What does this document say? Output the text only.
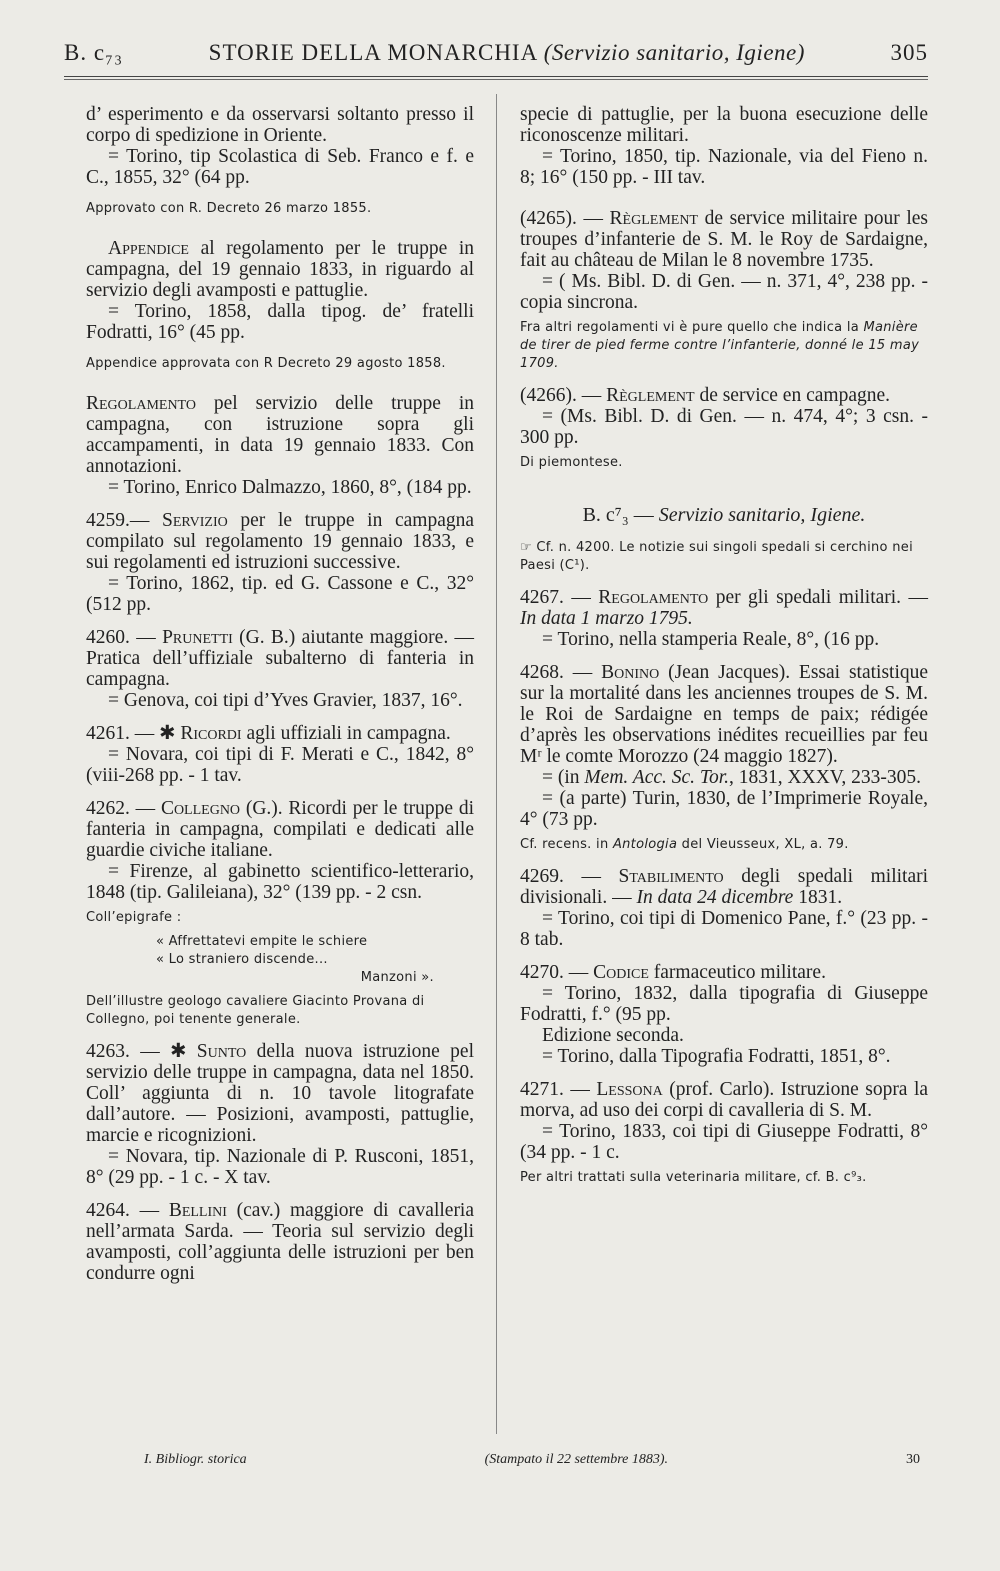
B. c₇₃	STORIE DELLA MONARCHIA (Servizio sanitario, Igiene)	305

d’ esperimento e da osservarsi soltanto presso il corpo di spedizione in Oriente.

= Torino, tip Scolastica di Seb. Franco e f. e C., 1855, 32° (64 pp.

Approvato con R. Decreto 26 marzo 1855.

Appendice al regolamento per le truppe in campagna, del 19 gennaio 1833, in riguardo al servizio degli avamposti e pattuglie.

= Torino, 1858, dalla tipog. de’ fratelli Fodratti, 16° (45 pp.

Appendice approvata con R Decreto 29 agosto 1858.

Regolamento pel servizio delle truppe in campagna, con istruzione sopra gli accampamenti, in data 19 gennaio 1833. Con annotazioni.

= Torino, Enrico Dalmazzo, 1860, 8°, (184 pp.

4259.— Servizio per le truppe in campagna compilato sul regolamento 19 gennaio 1833, e sui regolamenti ed istruzioni successive.

= Torino, 1862, tip. ed G. Cassone e C., 32° (512 pp.

4260. — Prunetti (G. B.) aiutante maggiore. — Pratica dell’uffiziale subalterno di fanteria in campagna.

= Genova, coi tipi d’Yves Gravier, 1837, 16°.

4261. — ✱ Ricordi agli uffiziali in campagna.

= Novara, coi tipi di F. Merati e C., 1842, 8° (viii-268 pp. - 1 tav.

4262. — Collegno (G.). Ricordi per le truppe di fanteria in campagna, compilati e dedicati alle guardie civiche italiane.

= Firenze, al gabinetto scientifico-letterario, 1848 (tip. Galileiana), 32° (139 pp. - 2 csn.

Coll’epigrafe :

« Affrettatevi empite le schiere

« Lo straniero discende...

Manzoni ».

Dell’illustre geologo cavaliere Giacinto Provana di Collegno, poi tenente generale.

4263. — ✱ Sunto della nuova istruzione pel servizio delle truppe in campagna, data nel 1850. Coll’ aggiunta di n. 10 tavole litografate dall’autore. — Posizioni, avamposti, pattuglie, marcie e ricognizioni.

= Novara, tip. Nazionale di P. Rusconi, 1851, 8° (29 pp. - 1 c. - X tav.

4264. — Bellini (cav.) maggiore di cavalleria nell’armata Sarda. — Teoria sul servizio degli avamposti, coll’aggiunta delle istruzioni per ben condurre ogni

specie di pattuglie, per la buona esecuzione delle riconoscenze militari.

= Torino, 1850, tip. Nazionale, via del Fieno n. 8; 16° (150 pp. - III tav.

(4265). — Règlement de service militaire pour les troupes d’infanterie de S. M. le Roy de Sardaigne, fait au château de Milan le 8 novembre 1735.

= ( Ms. Bibl. D. di Gen. — n. 371, 4°, 238 pp. - copia sincrona.

Fra altri regolamenti vi è pure quello che indica la Manière de tirer de pied ferme contre l’infanterie, donné le 15 may 1709.

(4266). — Règlement de service en campagne.

= (Ms. Bibl. D. di Gen. — n. 474, 4°; 3 csn. - 300 pp.

Di piemontese.

B. c⁷₃ — Servizio sanitario, Igiene.

☞ Cf. n. 4200. Le notizie sui singoli spedali si cerchino nei Paesi (C¹).

4267. — Regolamento per gli spedali militari. — In data 1 marzo 1795.

= Torino, nella stamperia Reale, 8°, (16 pp.

4268. — Bonino (Jean Jacques). Essai statistique sur la mortalité dans les anciennes troupes de S. M. le Roi de Sardaigne en temps de paix; rédigée d’après les observations inédites recueillies par feu Mʳ le comte Morozzo (24 maggio 1827).

= (in Mem. Acc. Sc. Tor., 1831, XXXV, 233-305.

= (a parte) Turin, 1830, de l’Imprimerie Royale, 4° (73 pp.

Cf. recens. in Antologia del Vieusseux, XL, a. 79.

4269. — Stabilimento degli spedali militari divisionali. — In data 24 dicembre 1831.

= Torino, coi tipi di Domenico Pane, f.° (23 pp. - 8 tab.

4270. — Codice farmaceutico militare.

= Torino, 1832, dalla tipografia di Giuseppe Fodratti, f.° (95 pp.

Edizione seconda.

= Torino, dalla Tipografia Fodratti, 1851, 8°.

4271. — Lessona (prof. Carlo). Istruzione sopra la morva, ad uso dei corpi di cavalleria di S. M.

= Torino, 1833, coi tipi di Giuseppe Fodratti, 8° (34 pp. - 1 c.

Per altri trattati sulla veterinaria militare, cf. B. c⁹₃.

I. Bibliogr. storica	(Stampato il 22 settembre 1883).	30
